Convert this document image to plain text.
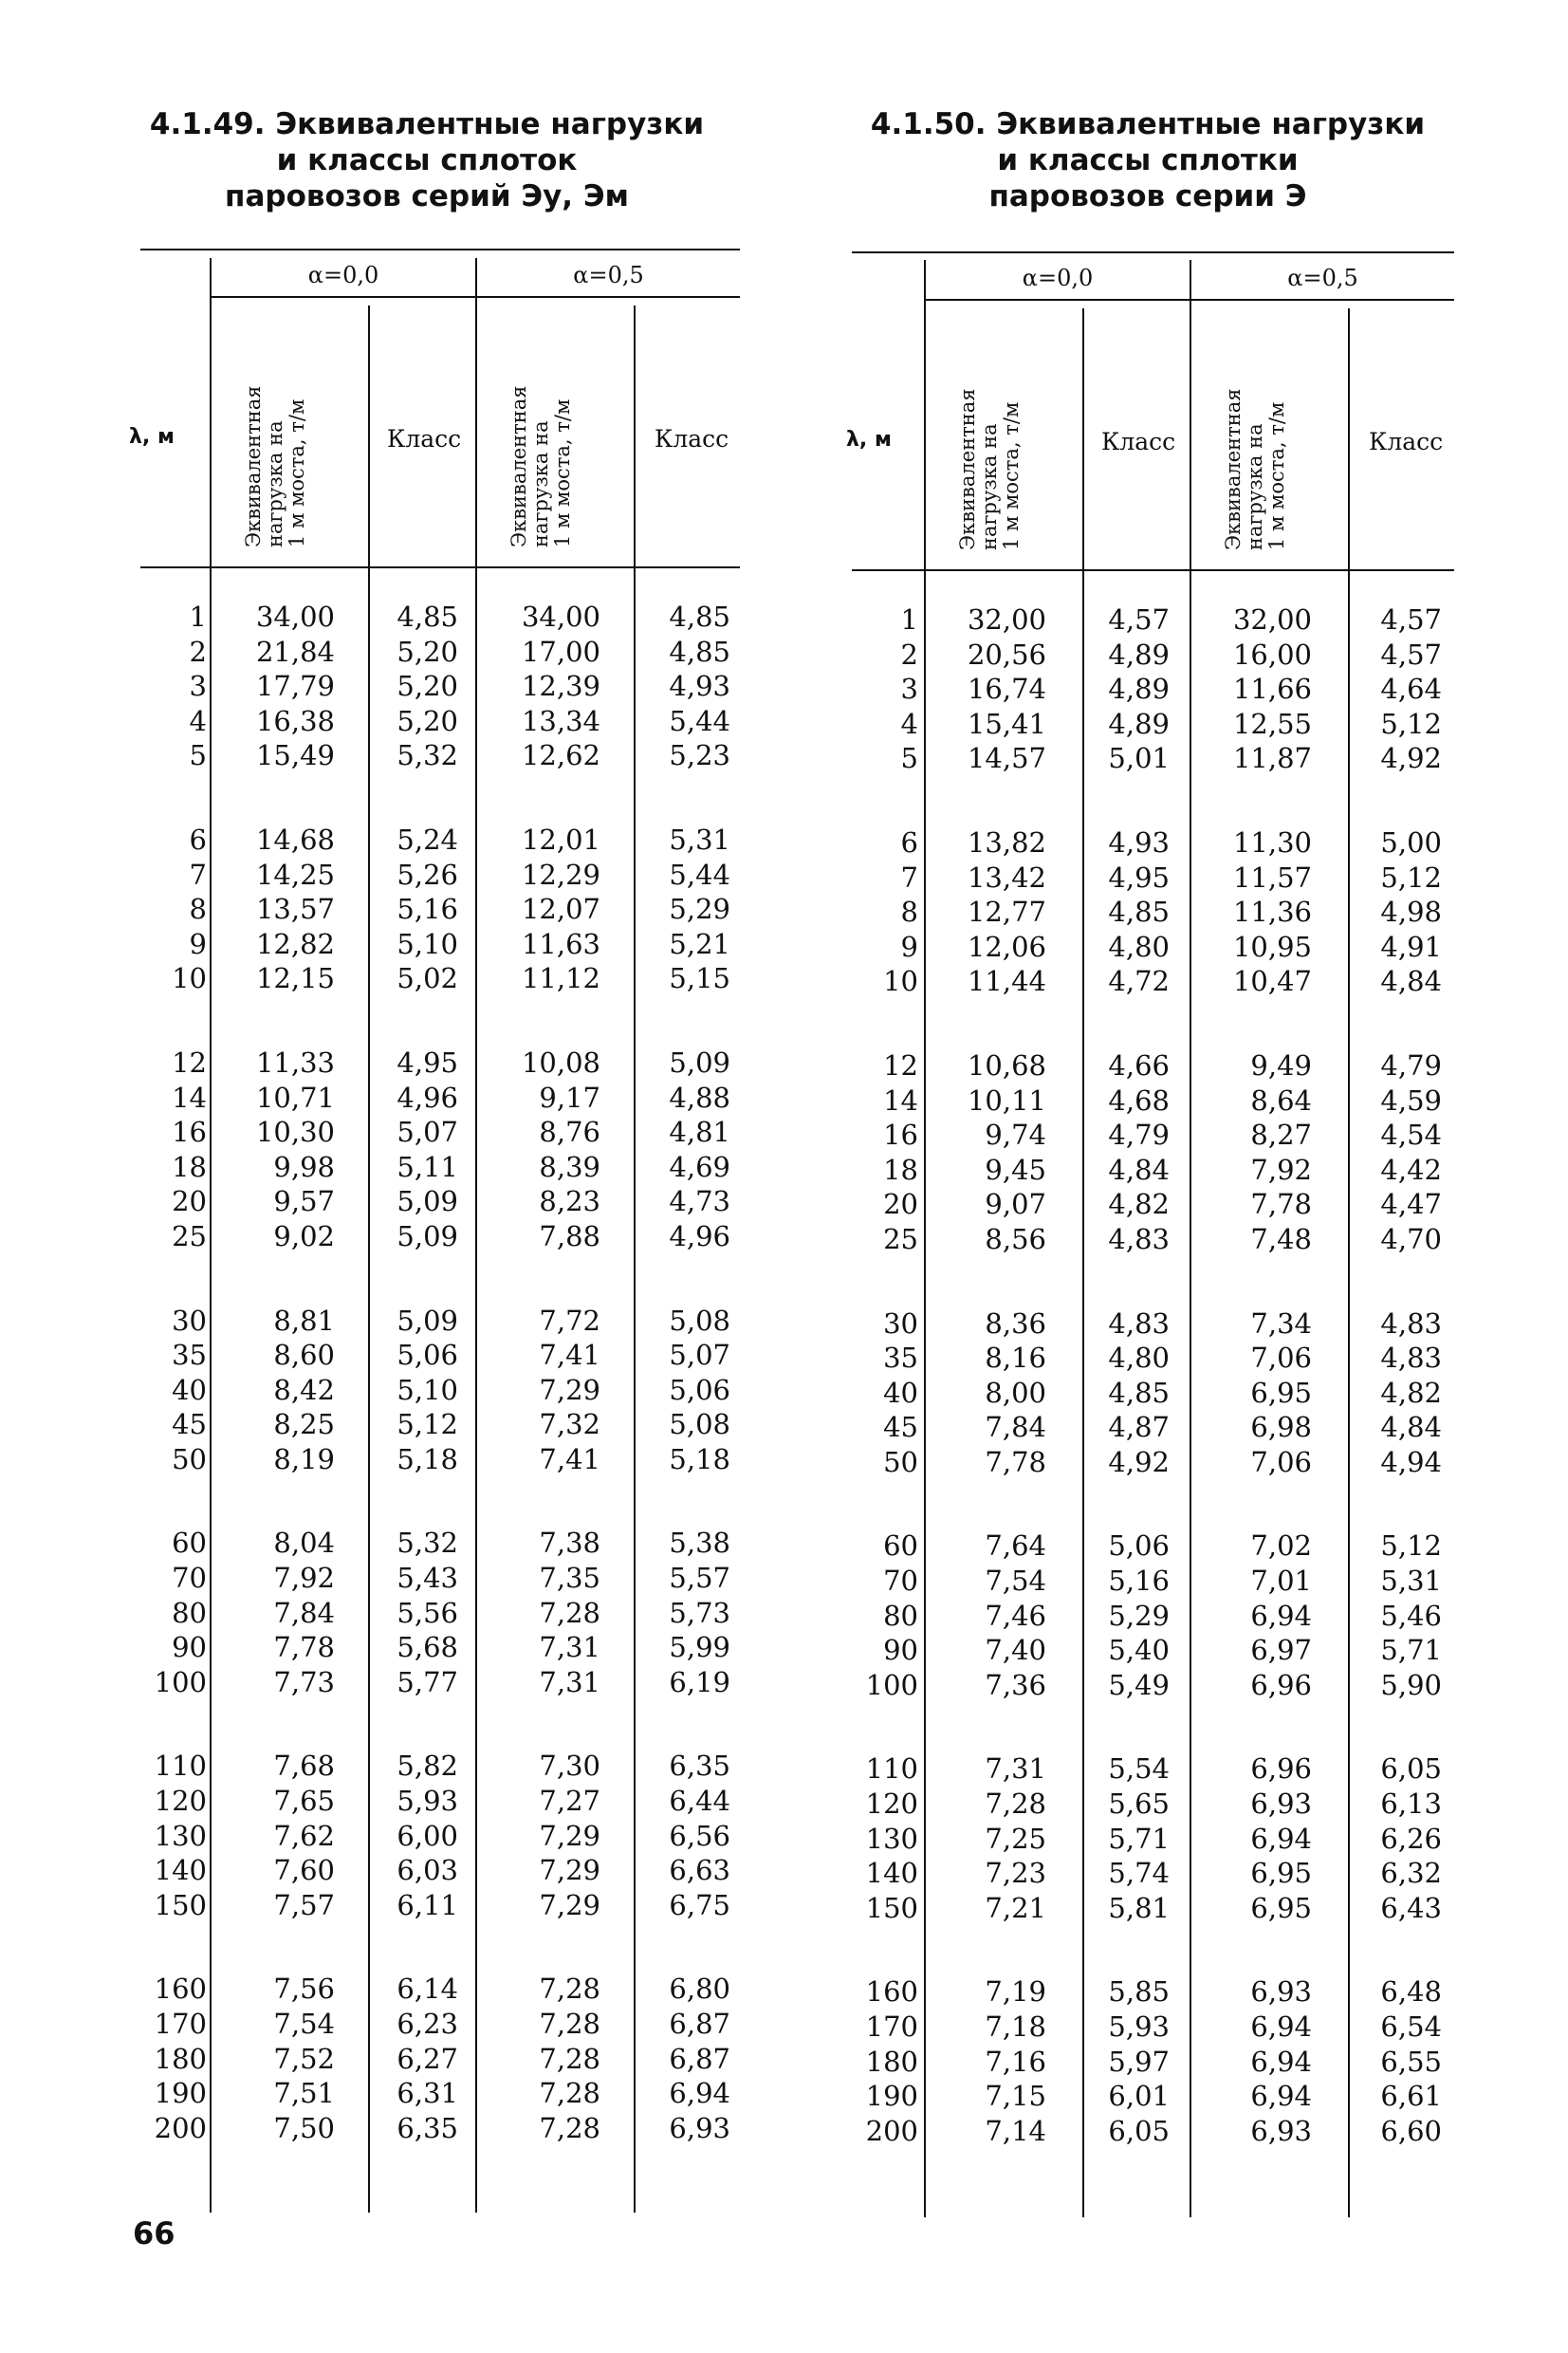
4.1.49. Эквивалентные нагрузки
и классы сплоток
паровозов серий Эу, Эм
α=0,0	α=0,5
λ, м	Класс	Класс
Эквивалентная нагрузка на 1 м моста, т/м	Эквивалентная нагрузка на 1 м моста, т/м
1	34,00	4,85	34,00	4,85
2	21,84	5,20	17,00	4,85
3	17,79	5,20	12,39	4,93
4	16,38	5,20	13,34	5,44
5	15,49	5,32	12,62	5,23
6	14,68	5,24	12,01	5,31
7	14,25	5,26	12,29	5,44
8	13,57	5,16	12,07	5,29
9	12,82	5,10	11,63	5,21
10	12,15	5,02	11,12	5,15
12	11,33	4,95	10,08	5,09
14	10,71	4,96	9,17	4,88
16	10,30	5,07	8,76	4,81
18	9,98	5,11	8,39	4,69
20	9,57	5,09	8,23	4,73
25	9,02	5,09	7,88	4,96
30	8,81	5,09	7,72	5,08
35	8,60	5,06	7,41	5,07
40	8,42	5,10	7,29	5,06
45	8,25	5,12	7,32	5,08
50	8,19	5,18	7,41	5,18
60	8,04	5,32	7,38	5,38
70	7,92	5,43	7,35	5,57
80	7,84	5,56	7,28	5,73
90	7,78	5,68	7,31	5,99
100	7,73	5,77	7,31	6,19
110	7,68	5,82	7,30	6,35
120	7,65	5,93	7,27	6,44
130	7,62	6,00	7,29	6,56
140	7,60	6,03	7,29	6,63
150	7,57	6,11	7,29	6,75
160	7,56	6,14	7,28	6,80
170	7,54	6,23	7,28	6,87
180	7,52	6,27	7,28	6,87
190	7,51	6,31	7,28	6,94
200	7,50	6,35	7,28	6,93
4.1.50. Эквивалентные нагрузки
и классы сплотки
паровозов серии Э
α=0,0	α=0,5
λ, м	Класс	Класс
Эквивалентная нагрузка на 1 м моста, т/м	Эквивалентная нагрузка на 1 м моста, т/м
1	32,00	4,57	32,00	4,57
2	20,56	4,89	16,00	4,57
3	16,74	4,89	11,66	4,64
4	15,41	4,89	12,55	5,12
5	14,57	5,01	11,87	4,92
6	13,82	4,93	11,30	5,00
7	13,42	4,95	11,57	5,12
8	12,77	4,85	11,36	4,98
9	12,06	4,80	10,95	4,91
10	11,44	4,72	10,47	4,84
12	10,68	4,66	9,49	4,79
14	10,11	4,68	8,64	4,59
16	9,74	4,79	8,27	4,54
18	9,45	4,84	7,92	4,42
20	9,07	4,82	7,78	4,47
25	8,56	4,83	7,48	4,70
30	8,36	4,83	7,34	4,83
35	8,16	4,80	7,06	4,83
40	8,00	4,85	6,95	4,82
45	7,84	4,87	6,98	4,84
50	7,78	4,92	7,06	4,94
60	7,64	5,06	7,02	5,12
70	7,54	5,16	7,01	5,31
80	7,46	5,29	6,94	5,46
90	7,40	5,40	6,97	5,71
100	7,36	5,49	6,96	5,90
110	7,31	5,54	6,96	6,05
120	7,28	5,65	6,93	6,13
130	7,25	5,71	6,94	6,26
140	7,23	5,74	6,95	6,32
150	7,21	5,81	6,95	6,43
160	7,19	5,85	6,93	6,48
170	7,18	5,93	6,94	6,54
180	7,16	5,97	6,94	6,55
190	7,15	6,01	6,94	6,61
200	7,14	6,05	6,93	6,60
66
